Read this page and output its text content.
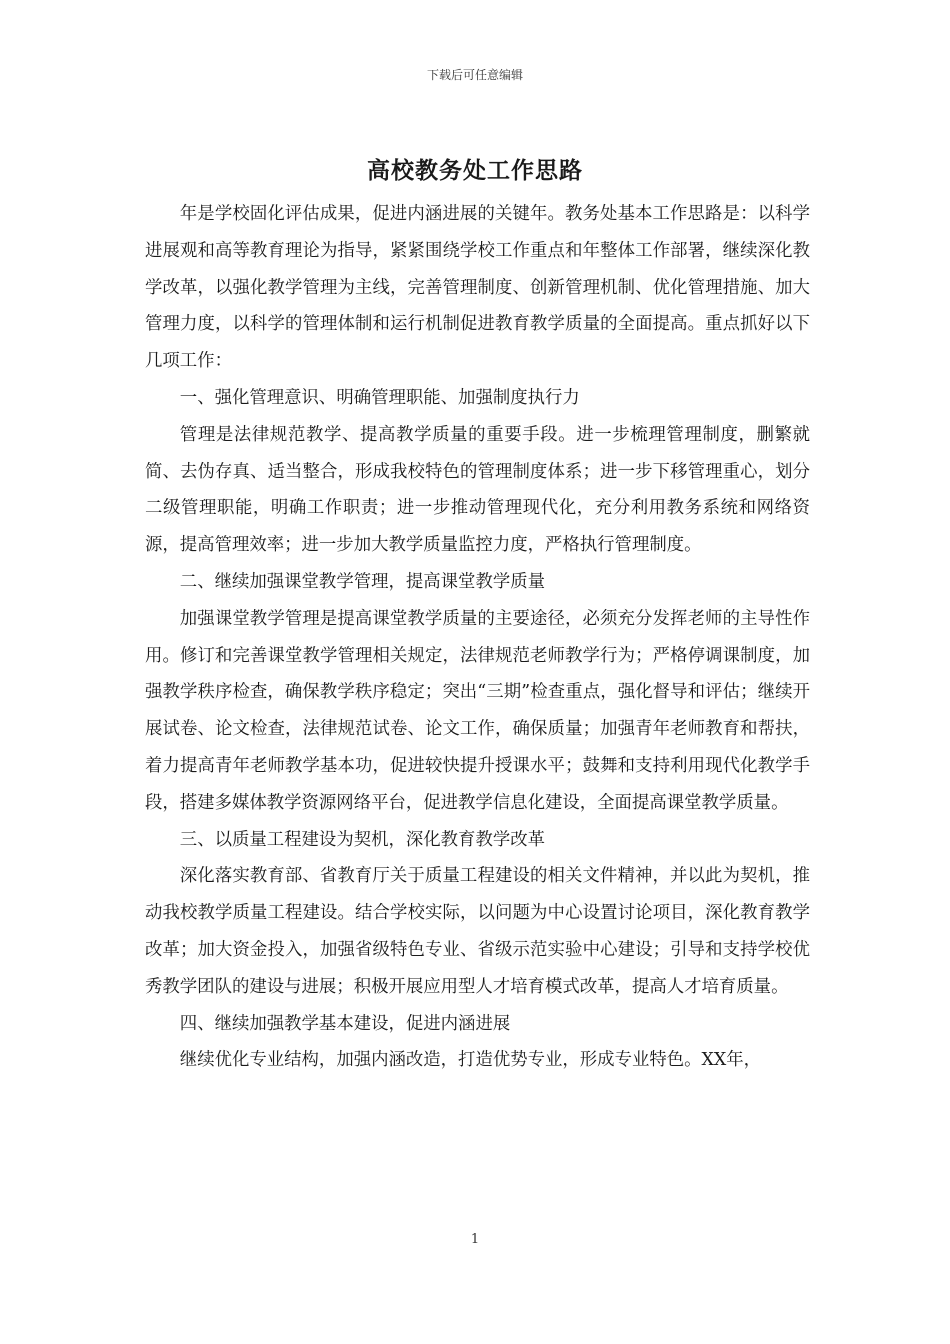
下载后可任意编辑
高校教务处工作思路

年是学校固化评估成果，促进内涵进展的关键年。教务处基本工作思路是：以科学进展观和高等教育理论为指导，紧紧围绕学校工作重点和年整体工作部署，继续深化教学改革，以强化教学管理为主线，完善管理制度、创新管理机制、优化管理措施、加大管理力度，以科学的管理体制和运行机制促进教育教学质量的全面提高。重点抓好以下几项工作：

一、强化管理意识、明确管理职能、加强制度执行力

管理是法律规范教学、提高教学质量的重要手段。进一步梳理管理制度，删繁就简、去伪存真、适当整合，形成我校特色的管理制度体系；进一步下移管理重心，划分二级管理职能，明确工作职责；进一步推动管理现代化，充分利用教务系统和网络资源，提高管理效率；进一步加大教学质量监控力度，严格执行管理制度。

二、继续加强课堂教学管理，提高课堂教学质量

加强课堂教学管理是提高课堂教学质量的主要途径，必须充分发挥老师的主导性作用。修订和完善课堂教学管理相关规定，法律规范老师教学行为；严格停调课制度，加强教学秩序检查，确保教学秩序稳定；突出“三期”检查重点，强化督导和评估；继续开展试卷、论文检查，法律规范试卷、论文工作，确保质量；加强青年老师教育和帮扶，着力提高青年老师教学基本功，促进较快提升授课水平；鼓舞和支持利用现代化教学手段，搭建多媒体教学资源网络平台，促进教学信息化建设，全面提高课堂教学质量。

三、以质量工程建设为契机，深化教育教学改革

深化落实教育部、省教育厅关于质量工程建设的相关文件精神，并以此为契机，推动我校教学质量工程建设。结合学校实际，以问题为中心设置讨论项目，深化教育教学改革；加大资金投入，加强省级特色专业、省级示范实验中心建设；引导和支持学校优秀教学团队的建设与进展；积极开展应用型人才培育模式改革，提高人才培育质量。

四、继续加强教学基本建设，促进内涵进展

继续优化专业结构，加强内涵改造，打造优势专业，形成专业特色。XX年，

1
